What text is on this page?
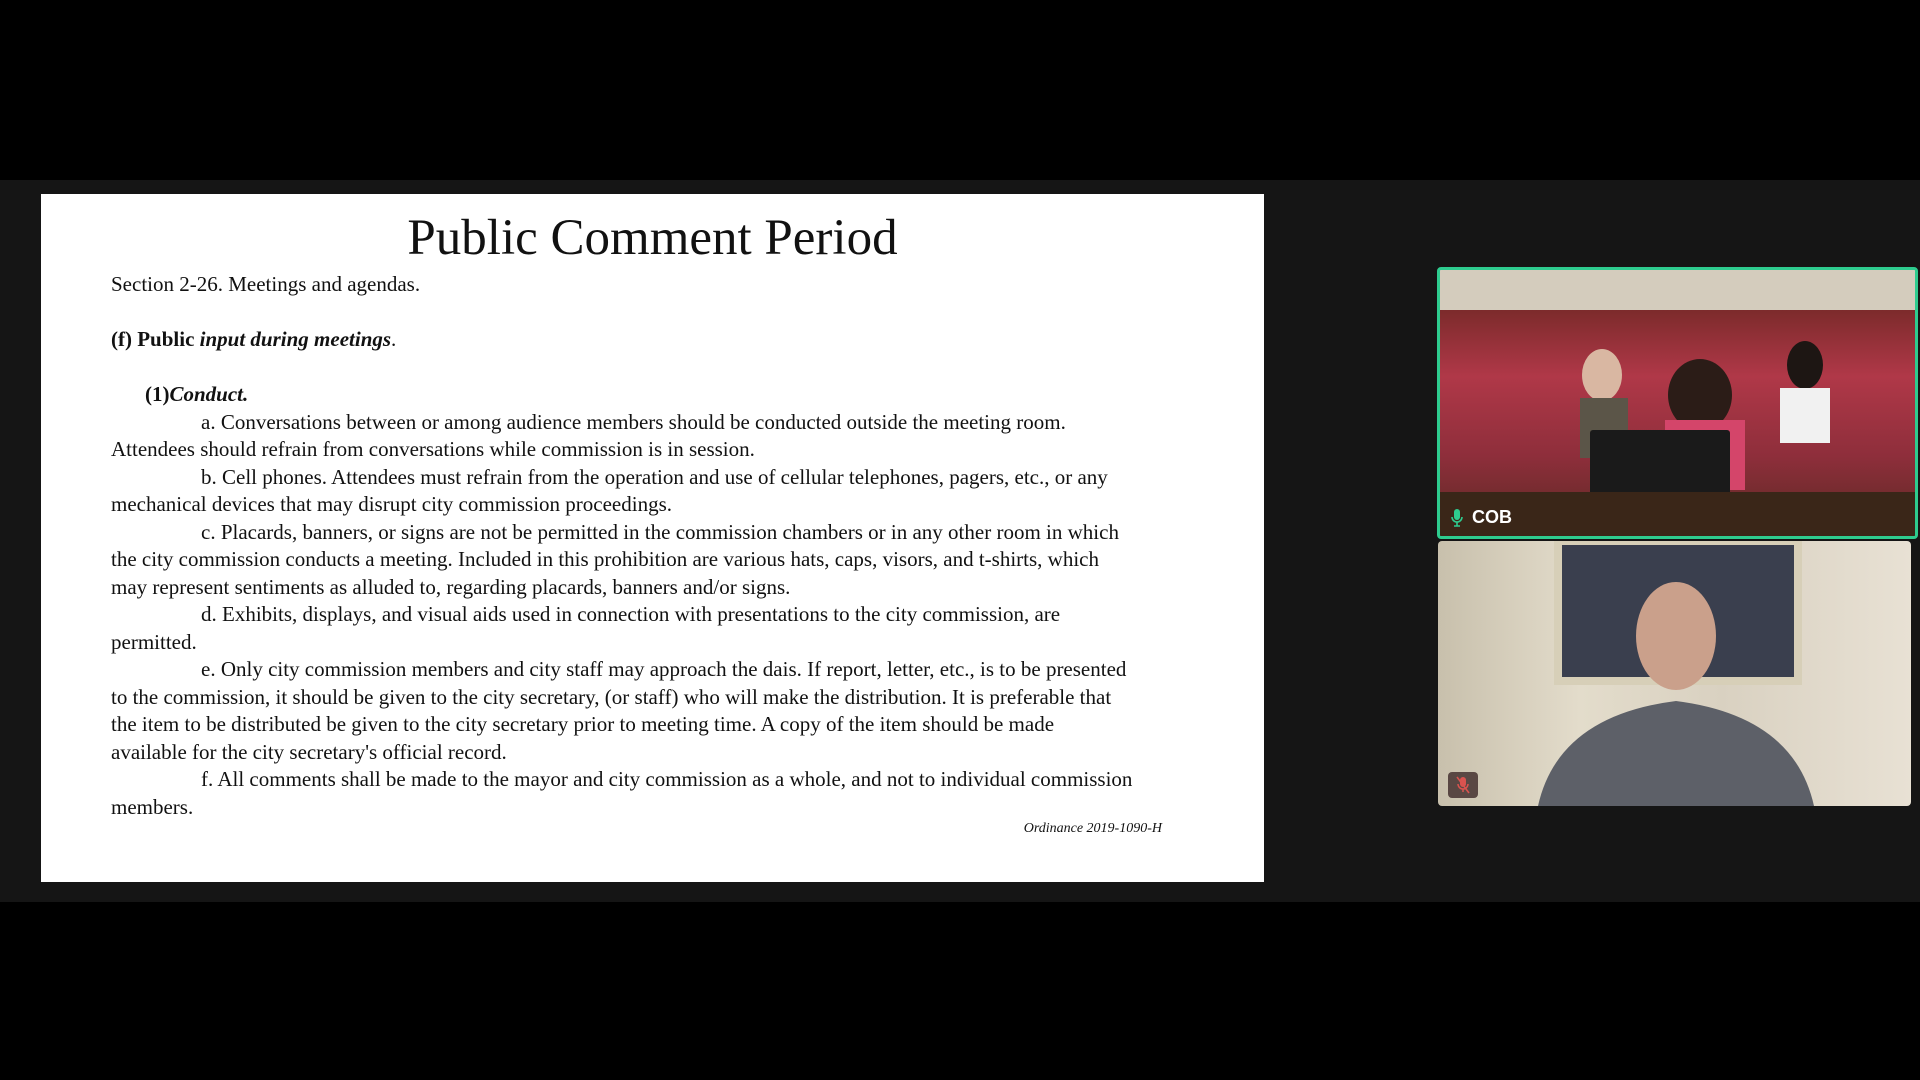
Public Comment Period

Section 2-26. Meetings and agendas.

(f) Public input during meetings.

(1)Conduct.

a. Conversations between or among audience members should be conducted outside the meeting room.

Attendees should refrain from conversations while commission is in session.

b. Cell phones. Attendees must refrain from the operation and use of cellular telephones, pagers, etc., or any

mechanical devices that may disrupt city commission proceedings.

c. Placards, banners, or signs are not be permitted in the commission chambers or in any other room in which

the city commission conducts a meeting. Included in this prohibition are various hats, caps, visors, and t-shirts, which

may represent sentiments as alluded to, regarding placards, banners and/or signs.

d. Exhibits, displays, and visual aids used in connection with presentations to the city commission, are

permitted.

e. Only city commission members and city staff may approach the dais. If report, letter, etc., is to be presented

to the commission, it should be given to the city secretary, (or staff) who will make the distribution. It is preferable that

the item to be distributed be given to the city secretary prior to meeting time. A copy of the item should be made

available for the city secretary's official record.

f. All comments shall be made to the mayor and city commission as a whole, and not to individual commission

members.

Ordinance 2019-1090-H
COB
